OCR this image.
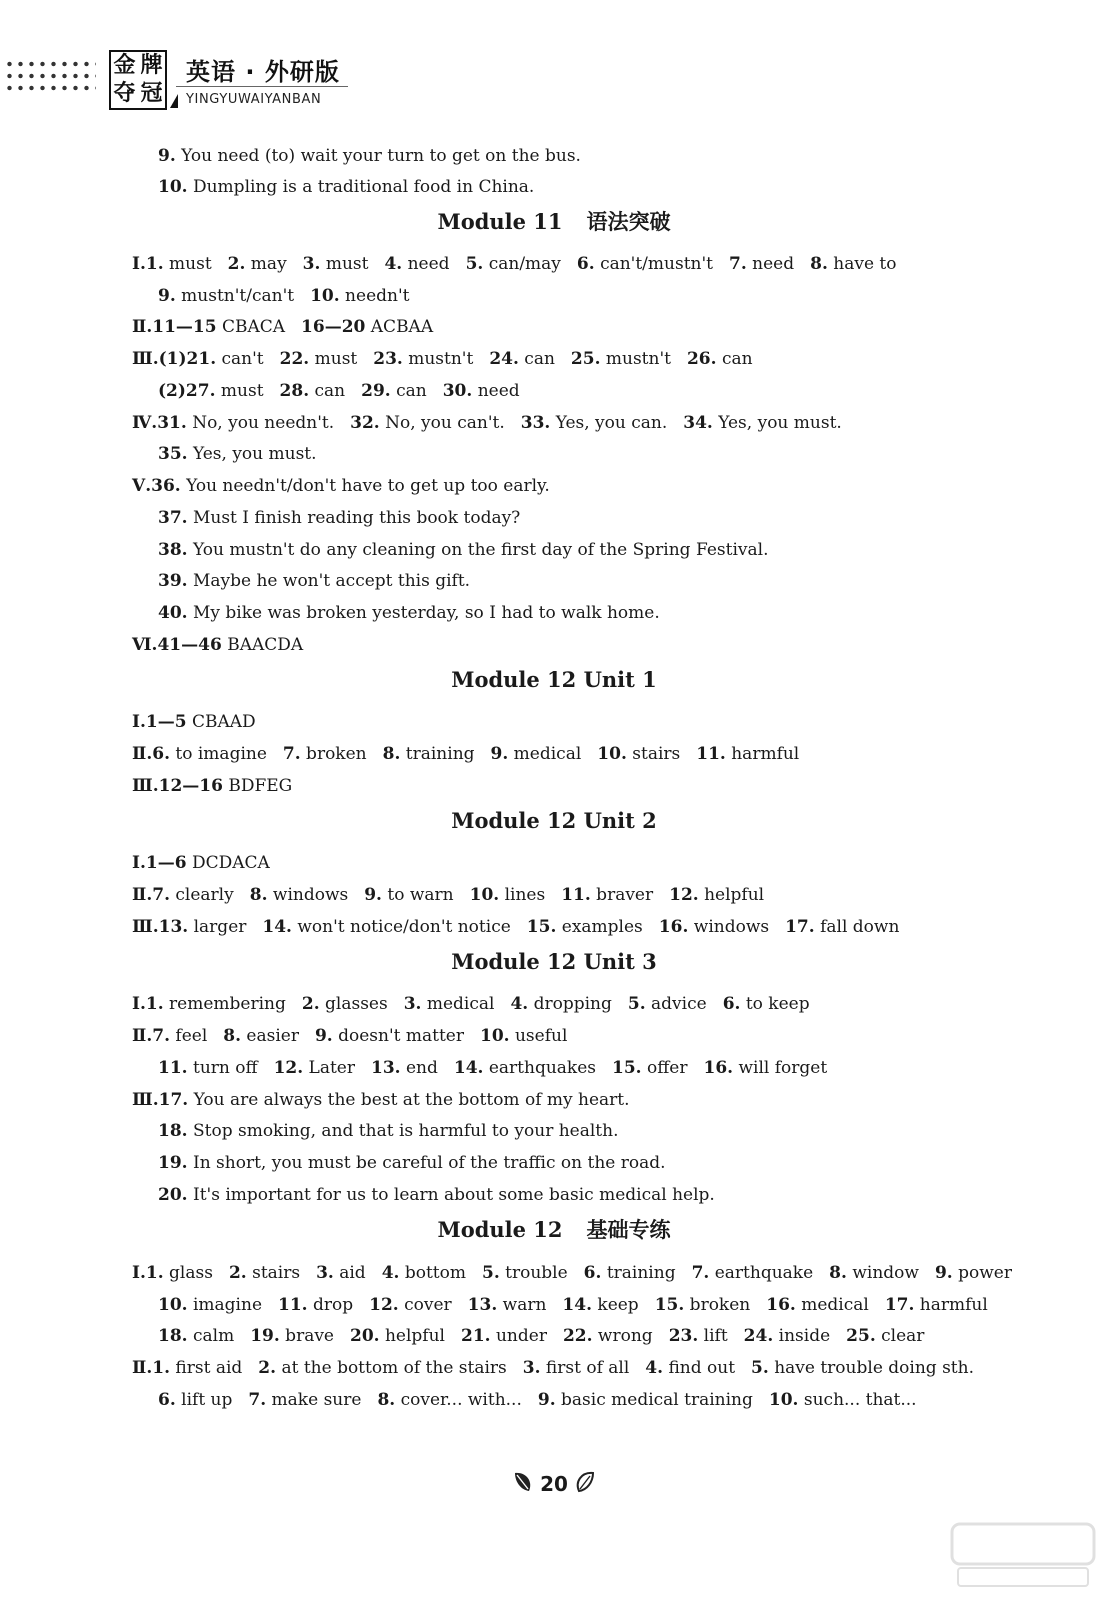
金 牌
夺 冠
英语 · 外研版
YINGYUWAIYANBAN
9. You need (to) wait your turn to get on the bus.
10. Dumpling is a traditional food in China.
Module 11 语法突破
Ⅰ.1. must 2. may 3. must 4. need 5. can/may 6. can't/mustn't 7. need 8. have to
9. mustn't/can't 10. needn't
Ⅱ.11—15 CBACA 16—20 ACBAA
Ⅲ.(1)21. can't 22. must 23. mustn't 24. can 25. mustn't 26. can
(2)27. must 28. can 29. can 30. need
Ⅳ.31. No, you needn't. 32. No, you can't. 33. Yes, you can. 34. Yes, you must.
35. Yes, you must.
Ⅴ.36. You needn't/don't have to get up too early.
37. Must I finish reading this book today?
38. You mustn't do any cleaning on the first day of the Spring Festival.
39. Maybe he won't accept this gift.
40. My bike was broken yesterday, so I had to walk home.
Ⅵ.41—46 BAACDA
Module 12 Unit 1
Ⅰ.1—5 CBAAD
Ⅱ.6. to imagine 7. broken 8. training 9. medical 10. stairs 11. harmful
Ⅲ.12—16 BDFEG
Module 12 Unit 2
Ⅰ.1—6 DCDACA
Ⅱ.7. clearly 8. windows 9. to warn 10. lines 11. braver 12. helpful
Ⅲ.13. larger 14. won't notice/don't notice 15. examples 16. windows 17. fall down
Module 12 Unit 3
Ⅰ.1. remembering 2. glasses 3. medical 4. dropping 5. advice 6. to keep
Ⅱ.7. feel 8. easier 9. doesn't matter 10. useful
11. turn off 12. Later 13. end 14. earthquakes 15. offer 16. will forget
Ⅲ.17. You are always the best at the bottom of my heart.
18. Stop smoking, and that is harmful to your health.
19. In short, you must be careful of the traffic on the road.
20. It's important for us to learn about some basic medical help.
Module 12 基础专练
Ⅰ.1. glass 2. stairs 3. aid 4. bottom 5. trouble 6. training 7. earthquake 8. window 9. power
10. imagine 11. drop 12. cover 13. warn 14. keep 15. broken 16. medical 17. harmful
18. calm 19. brave 20. helpful 21. under 22. wrong 23. lift 24. inside 25. clear
Ⅱ.1. first aid 2. at the bottom of the stairs 3. first of all 4. find out 5. have trouble doing sth.
6. lift up 7. make sure 8. cover... with... 9. basic medical training 10. such... that...
20
